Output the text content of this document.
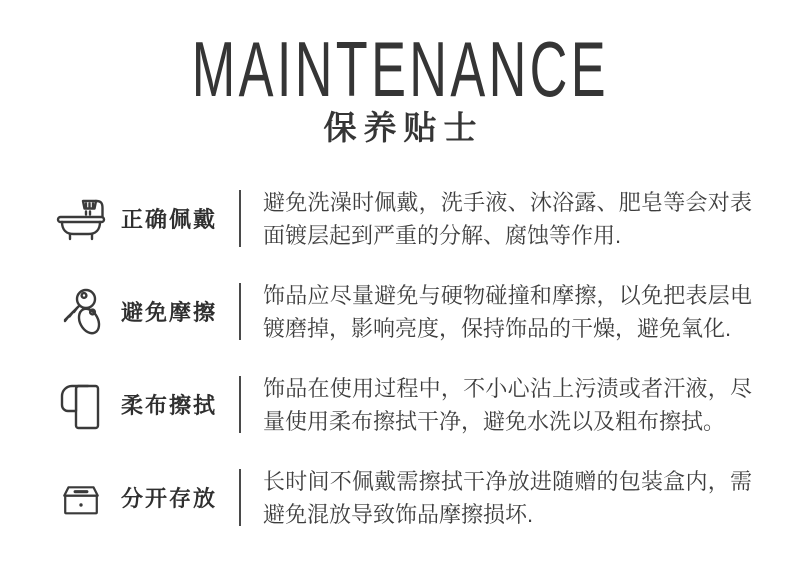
MAINTENANCE
保养贴士
正确佩戴

避免洗澡时佩戴，洗手液、沐浴露、肥皂等会对表面镀层起到严重的分解、腐蚀等作用.

避免摩擦

饰品应尽量避免与硬物碰撞和摩擦，以免把表层电镀磨掉，影响亮度，保持饰品的干燥，避免氧化.

柔布擦拭

饰品在使用过程中，不小心沾上污渍或者汗液，尽量使用柔布擦拭干净，避免水洗以及粗布擦拭。

分开存放

长时间不佩戴需擦拭干净放进随赠的包装盒内，需避免混放导致饰品摩擦损坏.
